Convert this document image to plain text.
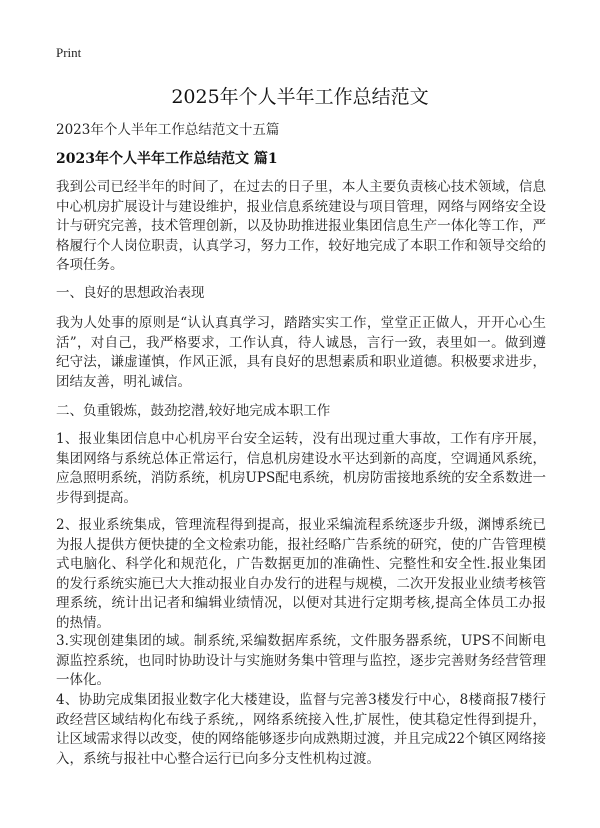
Print
2025年个人半年工作总结范文
2023年个人半年工作总结范文十五篇
2023年个人半年工作总结范文 篇1

我到公司已经半年的时间了，在过去的日子里，本人主要负责核心技术领域，信息中心机房扩展设计与建设维护，报业信息系统建设与项目管理，网络与网络安全设计与研究完善，技术管理创新，以及协助推进报业集团信息生产一体化等工作，严格履行个人岗位职责，认真学习，努力工作，较好地完成了本职工作和领导交给的各项任务。

一、良好的思想政治表现

我为人处事的原则是“认认真真学习，踏踏实实工作，堂堂正正做人，开开心心生活”，对自己，我严格要求，工作认真，待人诚恳，言行一致，表里如一。做到遵纪守法，谦虚谨慎，作风正派，具有良好的思想素质和职业道德。积极要求进步，团结友善，明礼诚信。

二、负重锻炼，鼓劲挖潜,较好地完成本职工作

1、报业集团信息中心机房平台安全运转，没有出现过重大事故，工作有序开展，集团网络与系统总体正常运行，信息机房建设水平达到新的高度，空调通风系统，应急照明系统，消防系统，机房UPS配电系统，机房防雷接地系统的安全系数进一步得到提高。

2、报业系统集成，管理流程得到提高，报业采编流程系统逐步升级，渊博系统已为报人提供方便快捷的全文检索功能，报社经略广告系统的研究，使的广告管理模式电脑化、科学化和规范化，广告数据更加的准确性、完整性和安全性.报业集团的发行系统实施已大大推动报业自办发行的进程与规模，二次开发报业业绩考核管理系统，统计出记者和编辑业绩情况，以便对其进行定期考核,提高全体员工办报的热情。

3.实现创建集团的域。制系统,采编数据库系统，文件服务器系统，UPS不间断电源监控系统，也同时协助设计与实施财务集中管理与监控，逐步完善财务经营管理一体化。

4、协助完成集团报业数字化大楼建设，监督与完善3楼发行中心，8楼商报7楼行政经营区域结构化布线子系统,，网络系统接入性,扩展性，使其稳定性得到提升，让区域需求得以改变，使的网络能够逐步向成熟期过渡，并且完成22个镇区网络接入，系统与报社中心整合运行已向多分支性机构过渡。
